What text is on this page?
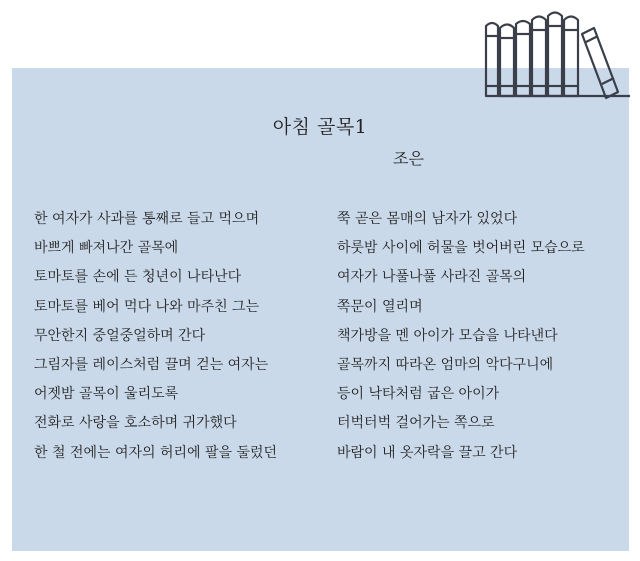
아침 골목1
조은
한 여자가 사과를 통째로 들고 먹으며
바쁘게 빠져나간 골목에
토마토를 손에 든 청년이 나타난다
토마토를 베어 먹다 나와 마주친 그는
무안한지 중얼중얼하며 간다
그림자를 레이스처럼 끌며 걷는 여자는
어젯밤 골목이 울리도록
전화로 사랑을 호소하며 귀가했다
한 철 전에는 여자의 허리에 팔을 둘렀던
쭉 곧은 몸매의 남자가 있었다
하룻밤 사이에 허물을 벗어버린 모습으로
여자가 나풀나풀 사라진 골목의
쪽문이 열리며
책가방을 멘 아이가 모습을 나타낸다
골목까지 따라온 엄마의 악다구니에
등이 낙타처럼 굽은 아이가
터벅터벅 걸어가는 쪽으로
바람이 내 옷자락을 끌고 간다
